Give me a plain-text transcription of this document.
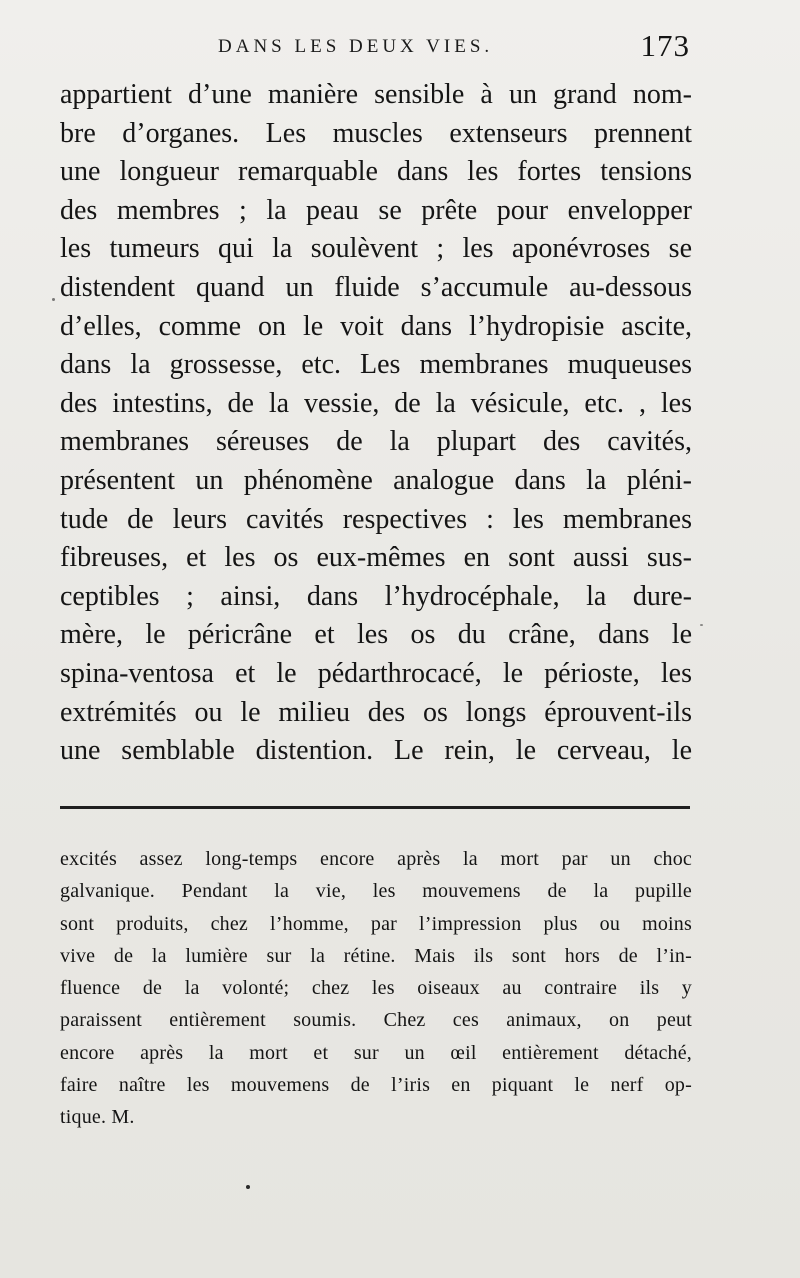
DANS LES DEUX VIES.	173
appartient d’une manière sensible à un grand nom-
bre d’organes. Les muscles extenseurs prennent
une longueur remarquable dans les fortes tensions
des membres ; la peau se prête pour envelopper
les tumeurs qui la soulèvent ; les aponévroses se
distendent quand un fluide s’accumule au-dessous
d’elles, comme on le voit dans l’hydropisie ascite,
dans la grossesse, etc. Les membranes muqueuses
des intestins, de la vessie, de la vésicule, etc. , les
membranes séreuses de la plupart des cavités,
présentent un phénomène analogue dans la pléni-
tude de leurs cavités respectives : les membranes
fibreuses, et les os eux-mêmes en sont aussi sus-
ceptibles ; ainsi, dans l’hydrocéphale, la dure-
mère, le péricrâne et les os du crâne, dans le
spina-ventosa et le pédarthrocacé, le périoste, les
extrémités ou le milieu des os longs éprouvent-ils
une semblable distention. Le rein, le cerveau, le
excités assez long-temps encore après la mort par un choc
galvanique. Pendant la vie, les mouvemens de la pupille
sont produits, chez l’homme, par l’impression plus ou moins
vive de la lumière sur la rétine. Mais ils sont hors de l’in-
fluence de la volonté; chez les oiseaux au contraire ils y
paraissent entièrement soumis. Chez ces animaux, on peut
encore après la mort et sur un œil entièrement détaché,
faire naître les mouvemens de l’iris en piquant le nerf op-
tique. M.
